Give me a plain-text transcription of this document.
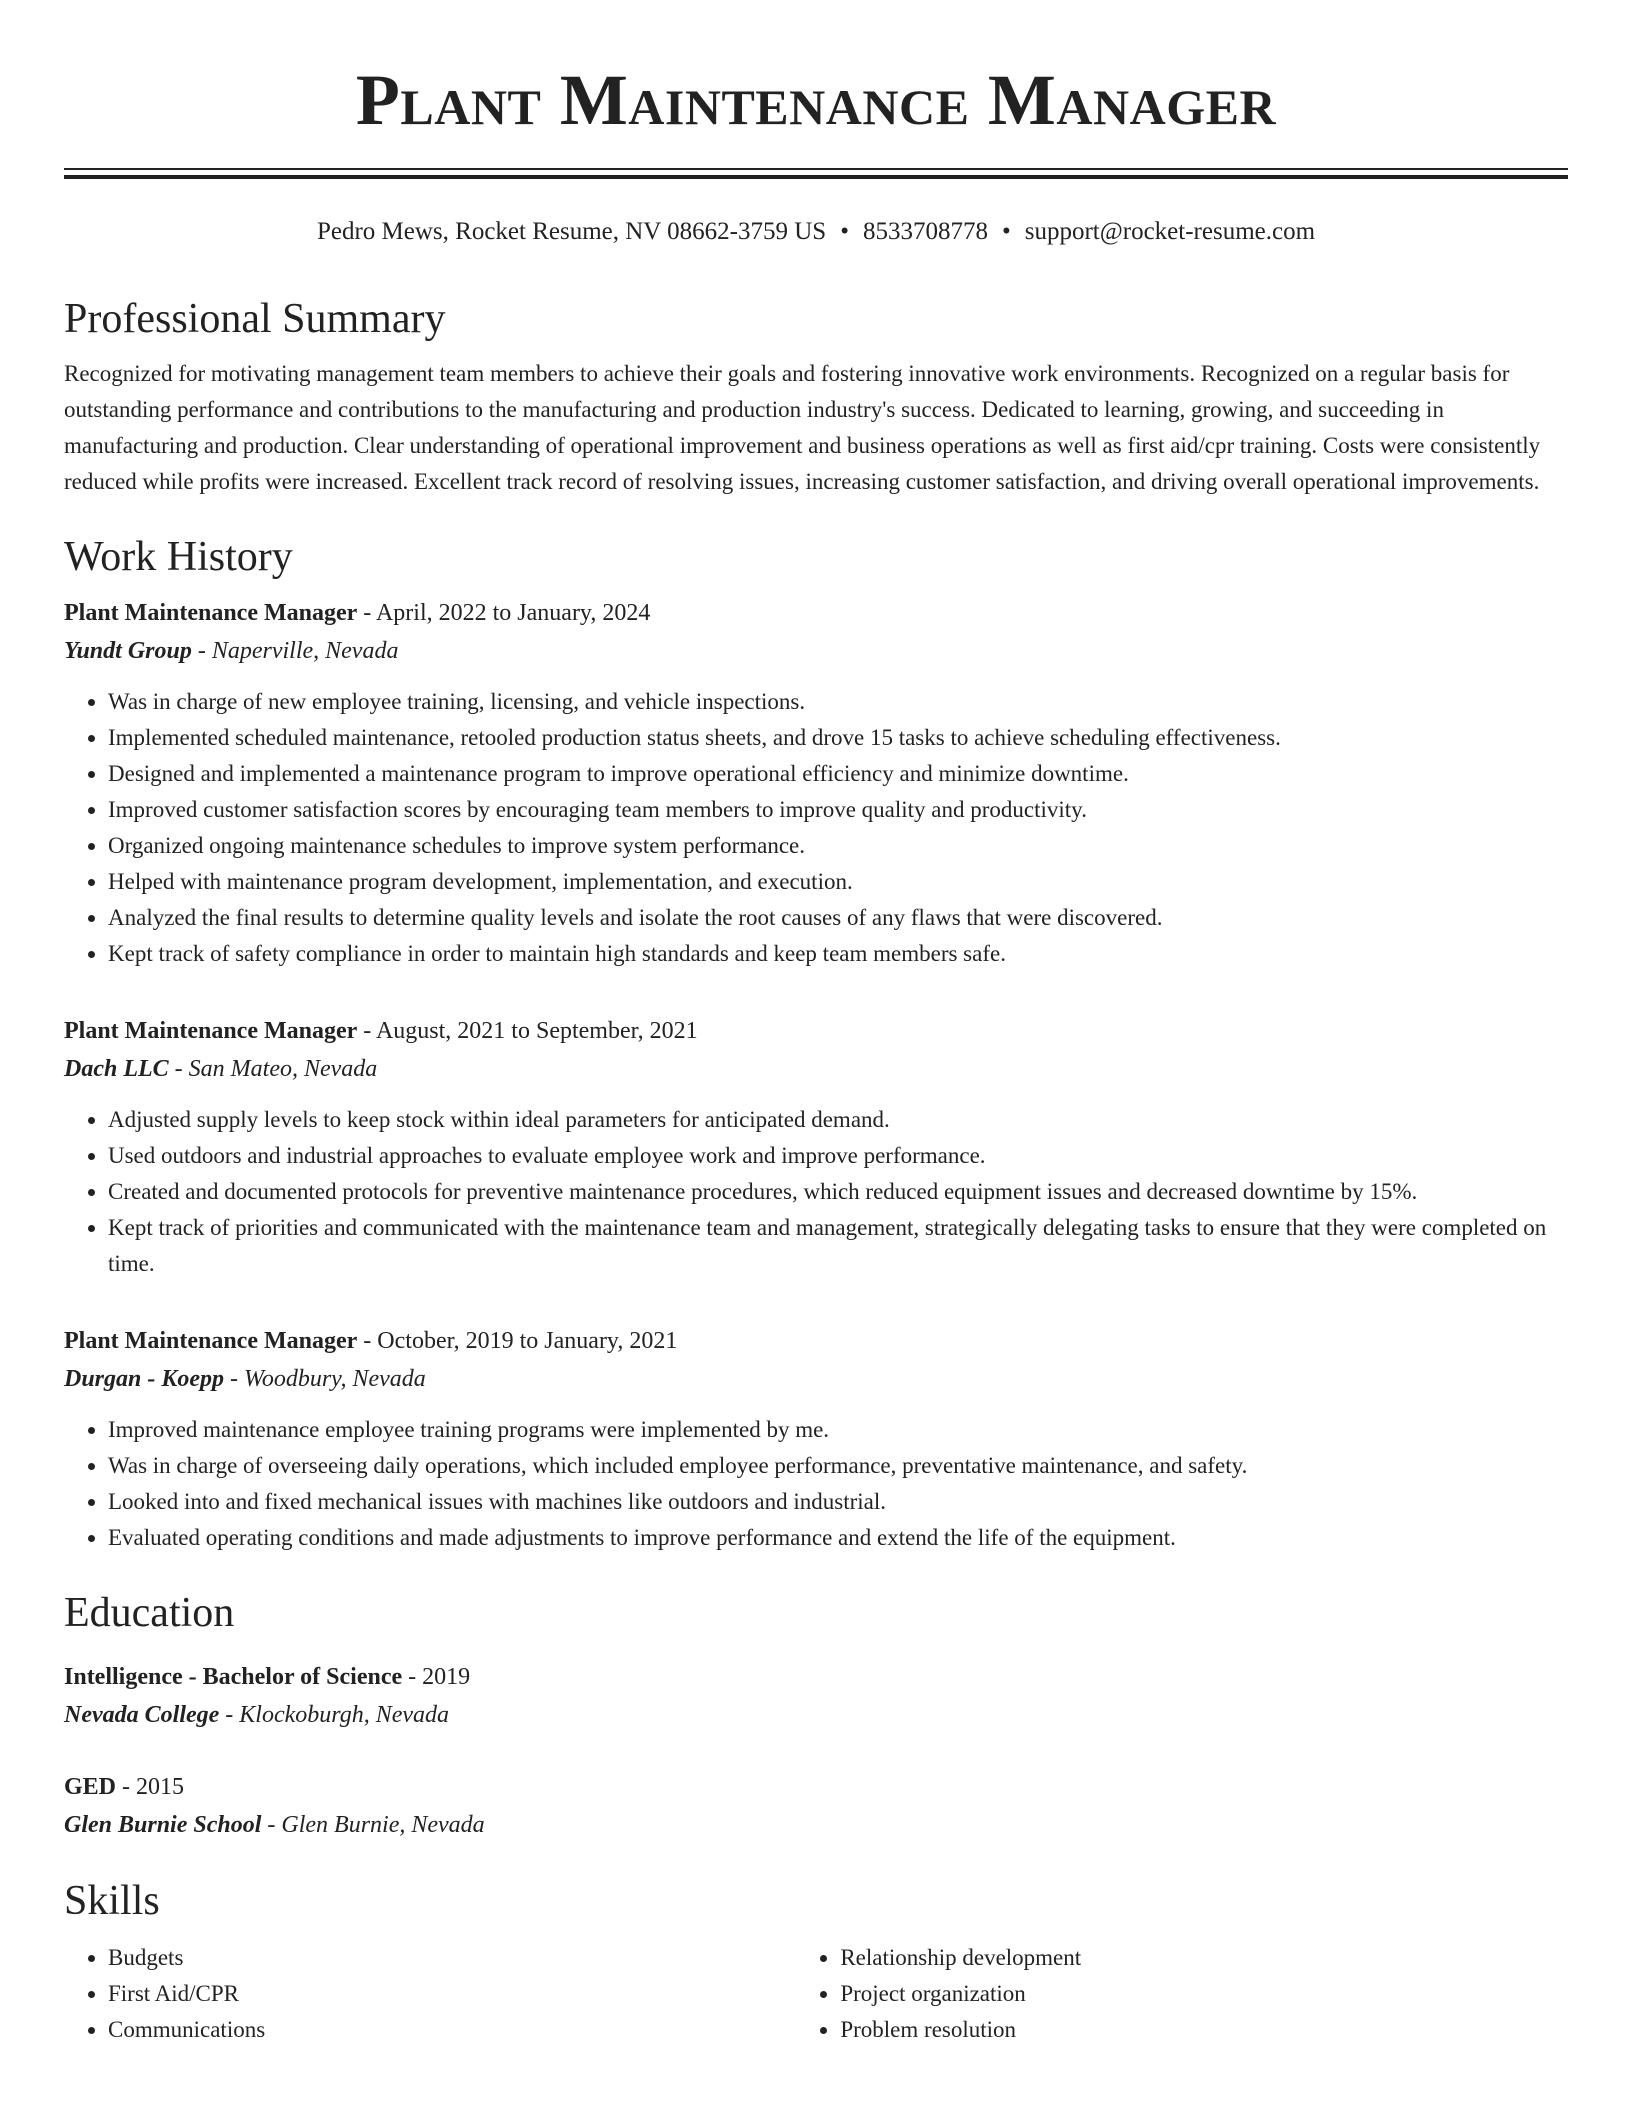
Plant Maintenance Manager
Pedro Mews, Rocket Resume, NV 08662-3759 US • 8533708778 • support@rocket-resume.com
Professional Summary

Recognized for motivating management team members to achieve their goals and fostering innovative work environments. Recognized on a regular basis for outstanding performance and contributions to the manufacturing and production industry's success. Dedicated to learning, growing, and succeeding in manufacturing and production. Clear understanding of operational improvement and business operations as well as first aid/cpr training. Costs were consistently reduced while profits were increased. Excellent track record of resolving issues, increasing customer satisfaction, and driving overall operational improvements.

Work History
Plant Maintenance Manager - April, 2022 to January, 2024
Yundt Group - Naperville, Nevada
• Was in charge of new employee training, licensing, and vehicle inspections.
• Implemented scheduled maintenance, retooled production status sheets, and drove 15 tasks to achieve scheduling effectiveness.
• Designed and implemented a maintenance program to improve operational efficiency and minimize downtime.
• Improved customer satisfaction scores by encouraging team members to improve quality and productivity.
• Organized ongoing maintenance schedules to improve system performance.
• Helped with maintenance program development, implementation, and execution.
• Analyzed the final results to determine quality levels and isolate the root causes of any flaws that were discovered.
• Kept track of safety compliance in order to maintain high standards and keep team members safe.
Plant Maintenance Manager - August, 2021 to September, 2021
Dach LLC - San Mateo, Nevada
• Adjusted supply levels to keep stock within ideal parameters for anticipated demand.
• Used outdoors and industrial approaches to evaluate employee work and improve performance.
• Created and documented protocols for preventive maintenance procedures, which reduced equipment issues and decreased downtime by 15%.
• Kept track of priorities and communicated with the maintenance team and management, strategically delegating tasks to ensure that they were completed on time.
Plant Maintenance Manager - October, 2019 to January, 2021
Durgan - Koepp - Woodbury, Nevada
• Improved maintenance employee training programs were implemented by me.
• Was in charge of overseeing daily operations, which included employee performance, preventative maintenance, and safety.
• Looked into and fixed mechanical issues with machines like outdoors and industrial.
• Evaluated operating conditions and made adjustments to improve performance and extend the life of the equipment.
Education
Intelligence - Bachelor of Science - 2019
Nevada College - Klockoburgh, Nevada
GED - 2015
Glen Burnie School - Glen Burnie, Nevada
Skills
• Budgets
• First Aid/CPR
• Communications
• Relationship development
• Project organization
• Problem resolution
